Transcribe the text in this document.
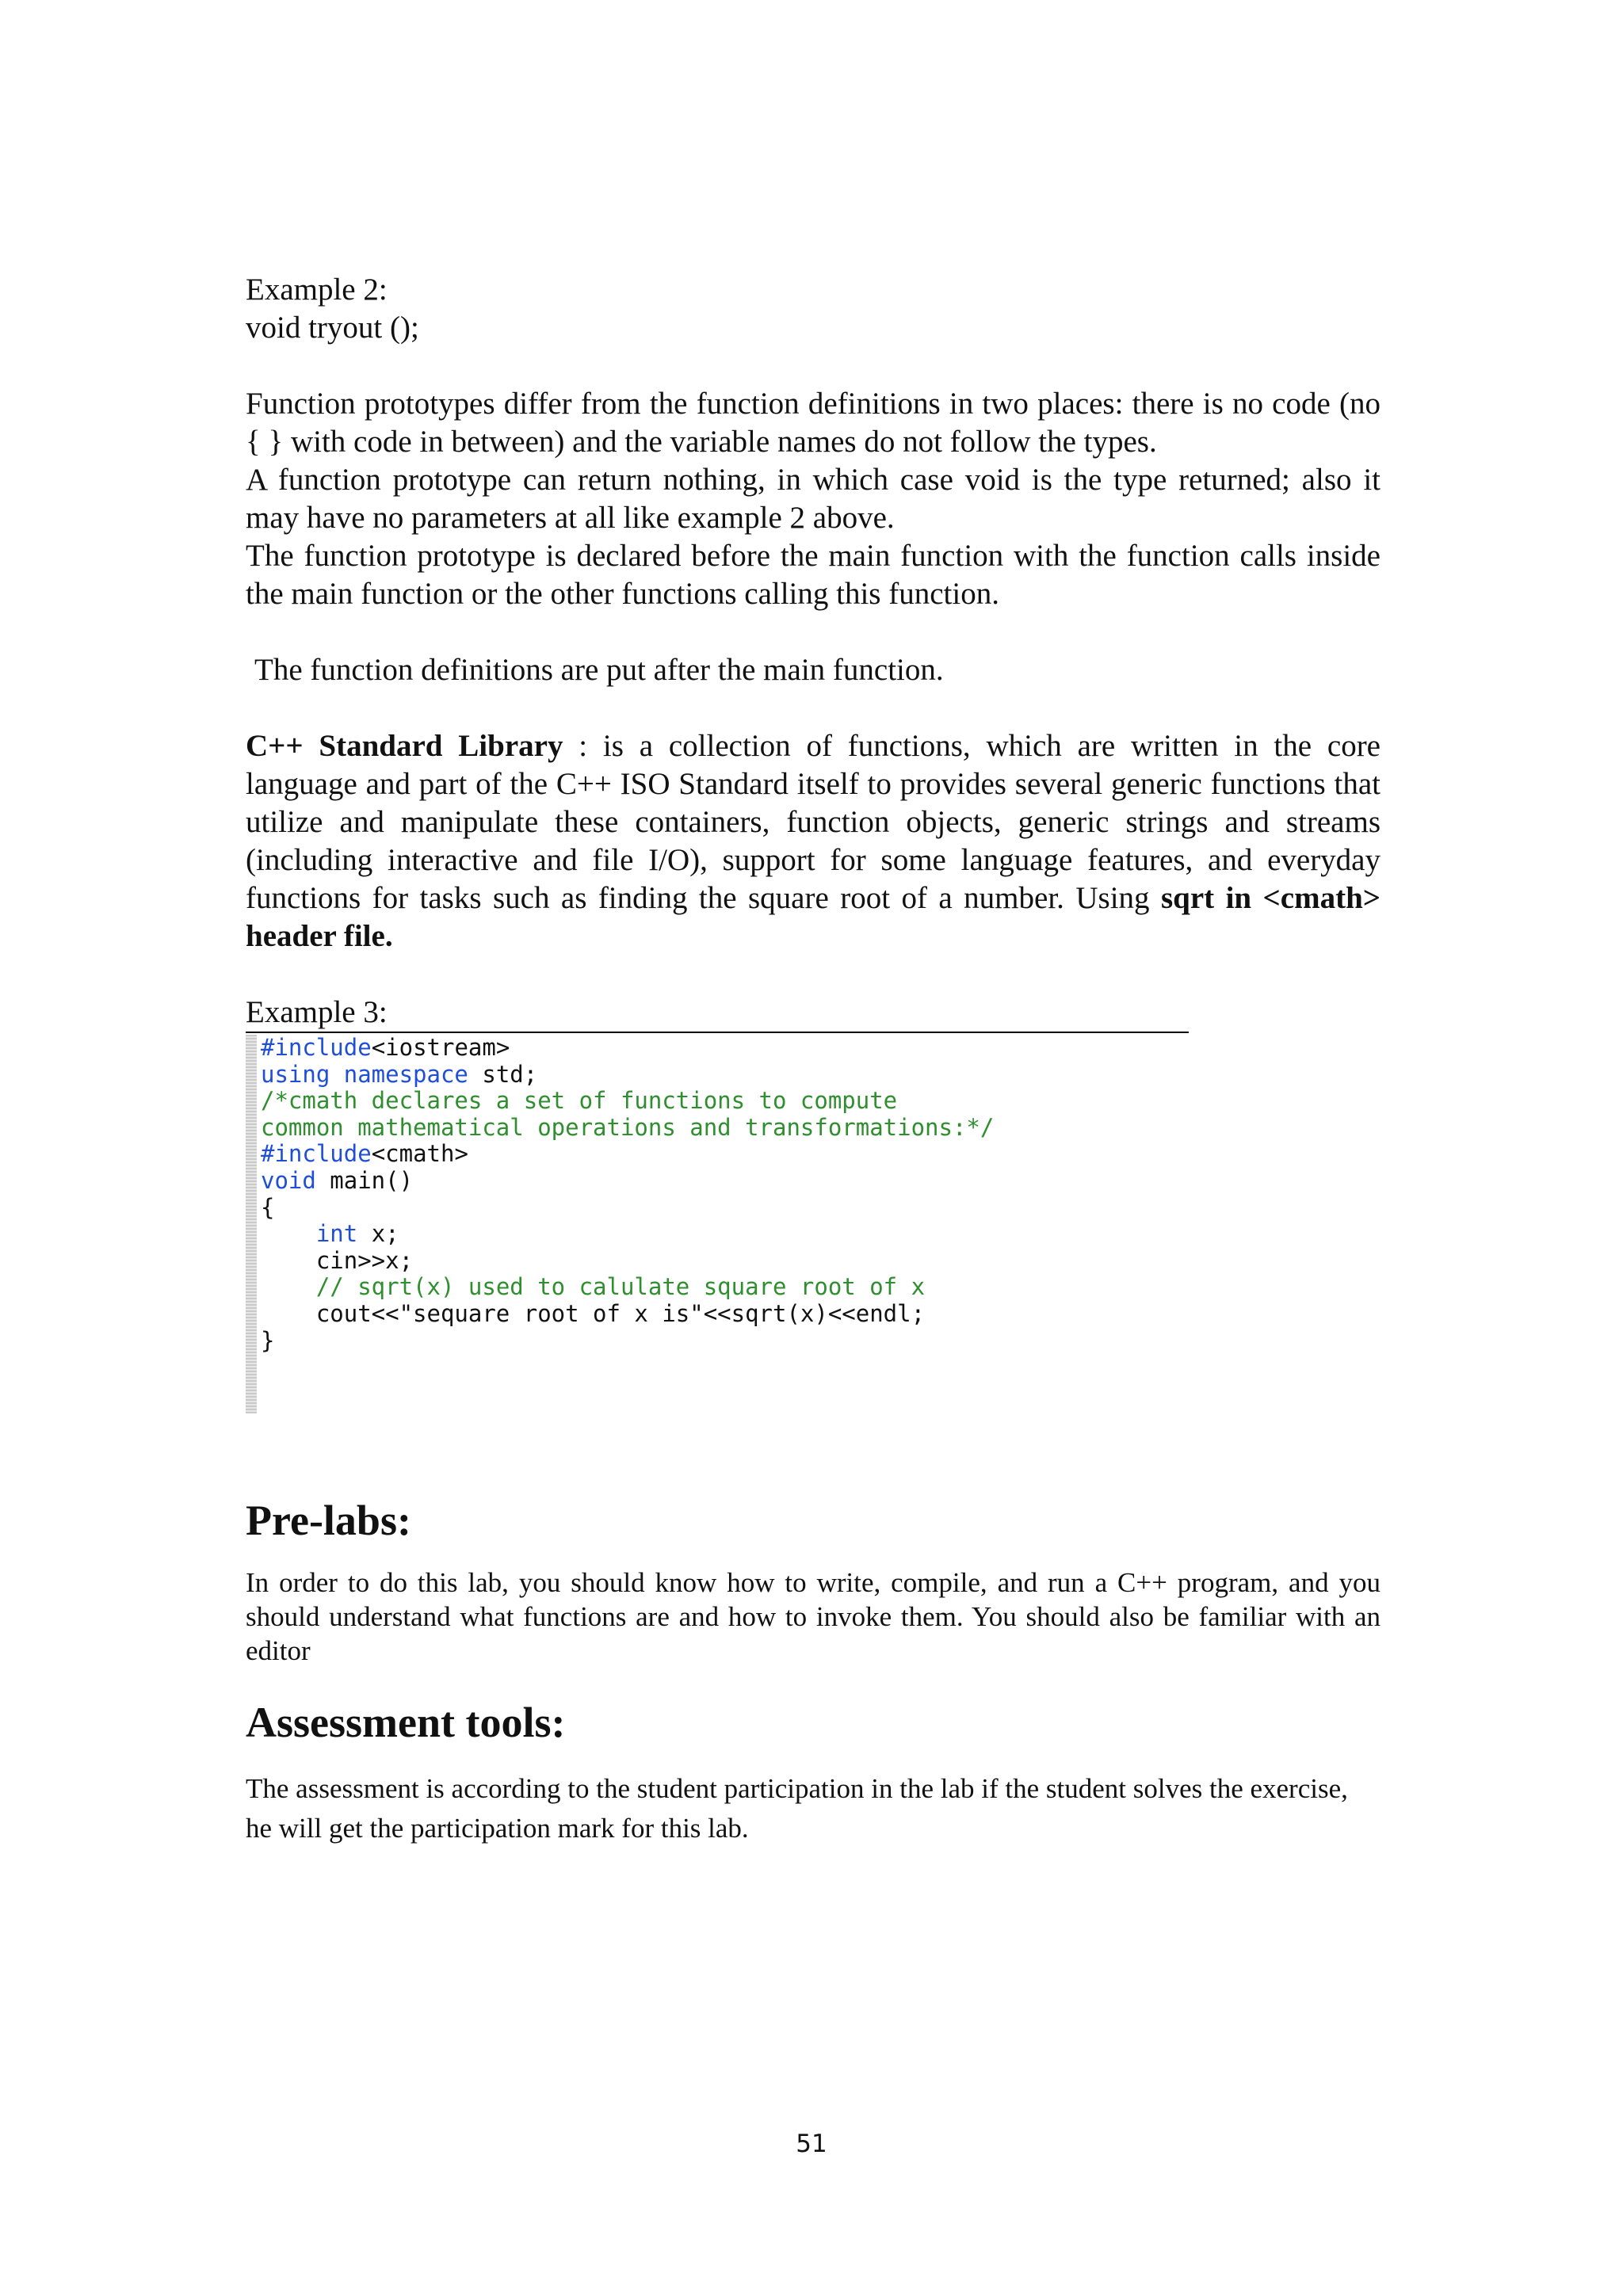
Example 2:

void tryout ();

Function prototypes differ from the function definitions in two places: there is no code (no { } with code in between) and the variable names do not follow the types.

A function prototype can return nothing, in which case void is the type returned; also it may have no parameters at all like example 2 above.

The function prototype is declared before the main function with the function calls inside the main function or the other functions calling this function.

The function definitions are put after the main function.

C++ Standard Library : is a collection of functions, which are written in the core language and part of the C++ ISO Standard itself to provides several generic functions that utilize and manipulate these containers, function objects, generic strings and streams (including interactive and file I/O), support for some language features, and everyday functions for tasks such as finding the square root of a number. Using sqrt in <cmath> header file.

Example 3:

#include<iostream>
using namespace std;
/*cmath declares a set of functions to compute
common mathematical operations and transformations:*/
#include<cmath>
void main()
{
int x;
cin>>x;
// sqrt(x) used to calulate square root of x
cout<<"sequare root of x is"<<sqrt(x)<<endl;
}
Pre-labs:

In order to do this lab, you should know how to write, compile, and run a C++ program, and you should understand what functions are and how to invoke them. You should also be familiar with an editor

Assessment tools:

The assessment is according to the student participation in the lab if the student solves the exercise, he will get the participation mark for this lab.

51
